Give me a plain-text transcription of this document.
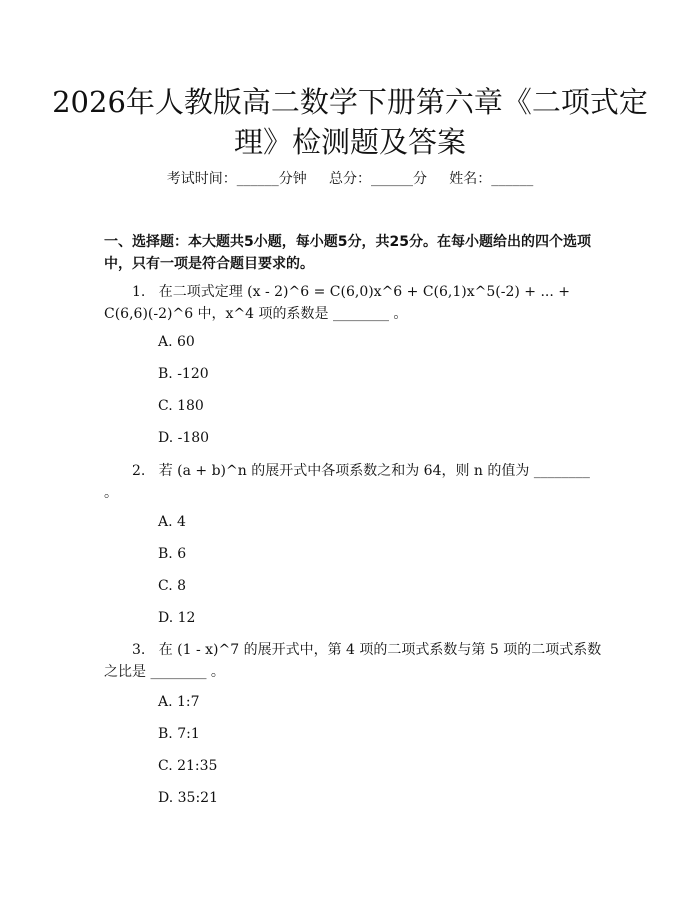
2026年人教版高二数学下册第六章《二项式定理》检测题及答案
考试时间：______分钟     总分：______分     姓名：______
一、选择题：本大题共5小题，每小题5分，共25分。在每小题给出的四个选项中，只有一项是符合题目要求的。
1.   在二项式定理 (x - 2)^6 = C(6,0)x^6 + C(6,1)x^5(-2) + ... + C(6,6)(-2)^6 中，x^4 项的系数是 ________ 。
A. 60
B. -120
C. 180
D. -180
2.   若 (a + b)^n 的展开式中各项系数之和为 64，则 n 的值为 ________ 。
A. 4
B. 6
C. 8
D. 12
3.   在 (1 - x)^7 的展开式中，第 4 项的二项式系数与第 5 项的二项式系数之比是 ________ 。
A. 1:7
B. 7:1
C. 21:35
D. 35:21
